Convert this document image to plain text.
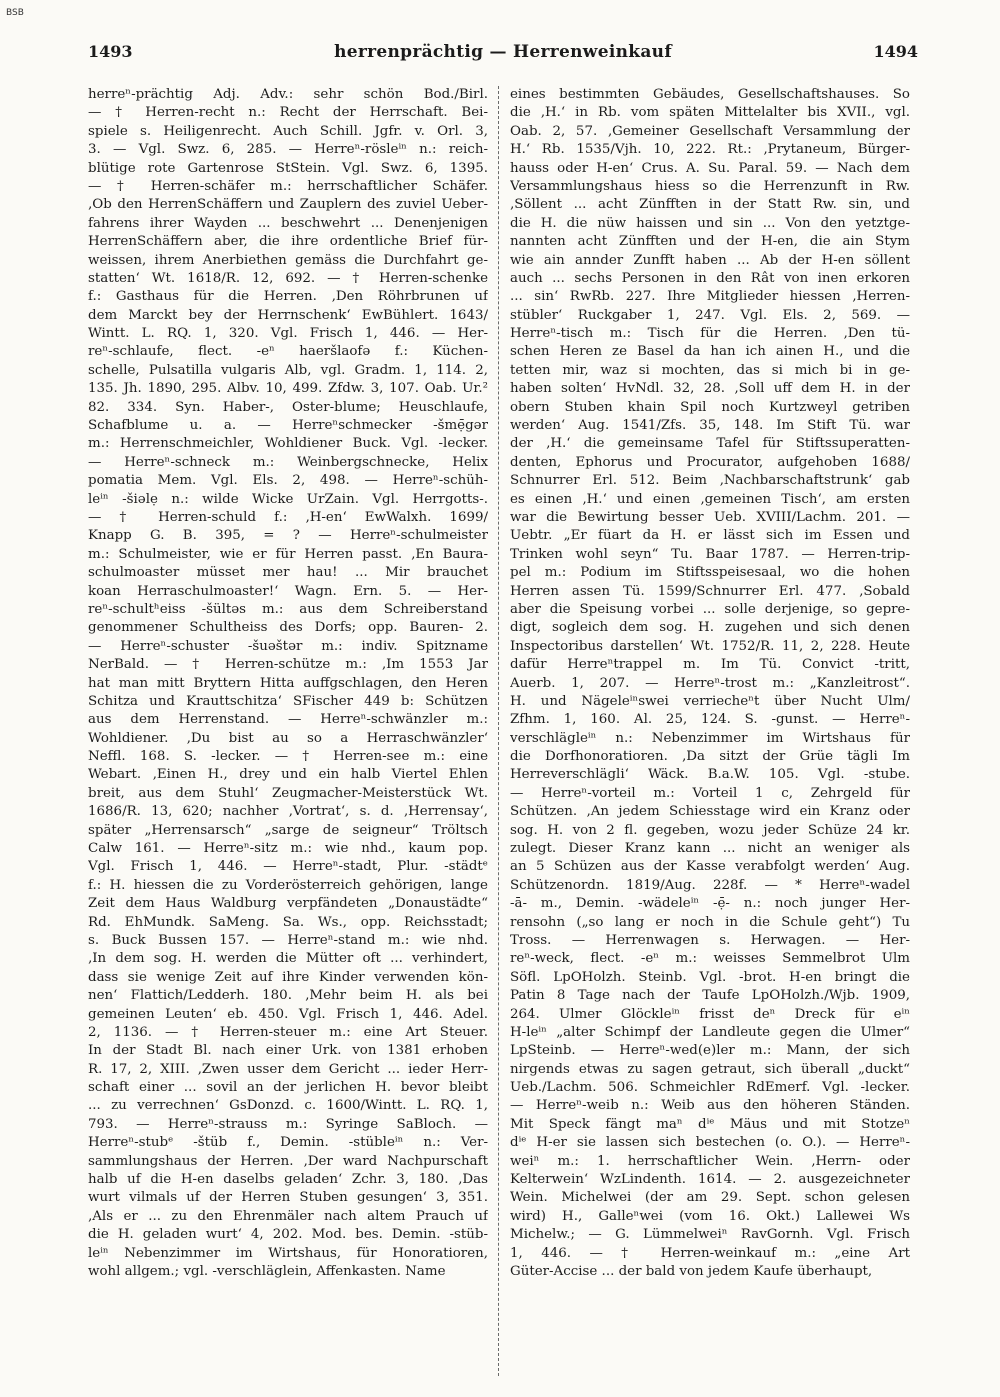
BSB
1493	herrenprächtig — Herrenweinkauf	1494
herreⁿ-prächtig Adj. Adv.: sehr schön Bod./Birl.
— † Herren-recht n.: Recht der Herrschaft. Bei-
spiele s. Heiligenrecht. Auch Schill. Jgfr. v. Orl. 3,
3. — Vgl. Swz. 6, 285. — Herreⁿ-rösleⁱⁿ n.: reich-
blütige rote Gartenrose StStein. Vgl. Swz. 6, 1395.
— † Herren-schäfer m.: herrschaftlicher Schäfer.
‚Ob den HerrenSchäffern und Zauplern des zuviel Ueber-
fahrens ihrer Wayden ... beschwehrt ... Denenjenigen
HerrenSchäffern aber, die ihre ordentliche Brief für-
weissen, ihrem Anerbiethen gemäss die Durchfahrt ge-
statten‘ Wt. 1618/R. 12, 692. — † Herren-schenke
f.: Gasthaus für die Herren. ‚Den Röhrbrunen uf
dem Marckt bey der Herrnschenk‘ EwBühlert. 1643/
Wintt. L. RQ. 1, 320. Vgl. Frisch 1, 446. — Her-
reⁿ-schlaufe, flect. -eⁿ haeršlaofə f.: Küchen-
schelle, Pulsatilla vulgaris Alb, vgl. Gradm. 1, 114. 2,
135. Jh. 1890, 295. Albv. 10, 499. Zfdw. 3, 107. Oab. Ur.²
82. 334. Syn. Haber-, Oster-blume; Heuschlaufe,
Schafblume u. a. — Herreⁿschmecker -šmẹ̄gər
m.: Herrenschmeichler, Wohldiener Buck. Vgl. -lecker.
— Herreⁿ-schneck m.: Weinbergschnecke, Helix
pomatia Mem. Vgl. Els. 2, 498. — Herreⁿ-schüh-
leⁱⁿ -šiəlẹ n.: wilde Wicke UrZain. Vgl. Herrgotts-.
— † Herren-schuld f.: ‚H-en‘ EwWalxh. 1699/
Knapp G. B. 395, = ? — Herreⁿ-schulmeister
m.: Schulmeister, wie er für Herren passt. ‚En Baura-
schulmoaster müsset mer hau! ... Mir brauchet
koan Herraschulmoaster!‘ Wagn. Ern. 5. — Her-
reⁿ-schultʰeiss -šültəs m.: aus dem Schreiberstand
genommener Schultheiss des Dorfs; opp. Bauren- 2.
— Herreⁿ-schuster -šuəštər m.: indiv. Spitzname
NerBald. — † Herren-schütze m.: ‚Im 1553 Jar
hat man mitt Bryttern Hitta auffgschlagen, den Heren
Schitza und Krauttschitza‘ SFischer 449 b: Schützen
aus dem Herrenstand. — Herreⁿ-schwänzler m.:
Wohldiener. ‚Du bist au so a Herraschwänzler‘
Neffl. 168. S. -lecker. — † Herren-see m.: eine
Webart. ‚Einen H., drey und ein halb Viertel Ehlen
breit, aus dem Stuhl‘ Zeugmacher-Meisterstück Wt.
1686/R. 13, 620; nachher ‚Vortrat‘, s. d. ‚Herrensay‘,
später „Herrensarsch“ „sarge de seigneur“ Tröltsch
Calw 161. — Herreⁿ-sitz m.: wie nhd., kaum pop.
Vgl. Frisch 1, 446. — Herreⁿ-stadt, Plur. -städtᵉ
f.: H. hiessen die zu Vorderösterreich gehörigen, lange
Zeit dem Haus Waldburg verpfändeten „Donaustädte“
Rd. EhMundk. SaMeng. Sa. Ws., opp. Reichsstadt;
s. Buck Bussen 157. — Herreⁿ-stand m.: wie nhd.
‚In dem sog. H. werden die Mütter oft ... verhindert,
dass sie wenige Zeit auf ihre Kinder verwenden kön-
nen‘ Flattich/Ledderh. 180. ‚Mehr beim H. als bei
gemeinen Leuten‘ eb. 450. Vgl. Frisch 1, 446. Adel.
2, 1136. — † Herren-steuer m.: eine Art Steuer.
In der Stadt Bl. nach einer Urk. von 1381 erhoben
R. 17, 2, XIII. ‚Zwen usser dem Gericht ... ieder Herr-
schaft einer ... sovil an der jerlichen H. bevor bleibt
... zu verrechnen‘ GsDonzd. c. 1600/Wintt. L. RQ. 1,
793. — Herreⁿ-strauss m.: Syringe SaBloch. —
Herreⁿ-stubᵉ -štüb f., Demin. -stübleⁱⁿ n.: Ver-
sammlungshaus der Herren. ‚Der ward Nachpurschaft
halb uf die H-en daselbs geladen‘ Zchr. 3, 180. ‚Das
wurt vilmals uf der Herren Stuben gesungen‘ 3, 351.
‚Als er ... zu den Ehrenmäler nach altem Prauch uf
die H. geladen wurt‘ 4, 202. Mod. bes. Demin. -stüb-
leⁱⁿ Nebenzimmer im Wirtshaus, für Honoratioren,
wohl allgem.; vgl. -verschläglein, Affenkasten. Name
eines bestimmten Gebäudes, Gesellschaftshauses. So
die ‚H.‘ in Rb. vom späten Mittelalter bis XVII., vgl.
Oab. 2, 57. ‚Gemeiner Gesellschaft Versammlung der
H.‘ Rb. 1535/Vjh. 10, 222. Rt.: ‚Prytaneum, Bürger-
hauss oder H-en‘ Crus. A. Su. Paral. 59. — Nach dem
Versammlungshaus hiess so die Herrenzunft in Rw.
‚Söllent ... acht Zünfften in der Statt Rw. sin, und
die H. die nüw haissen und sin ... Von den yetztge-
nannten acht Zünfften und der H-en, die ain Stym
wie ain annder Zunfft haben ... Ab der H-en söllent
auch ... sechs Personen in den Rât von inen erkoren
... sin‘ RwRb. 227. Ihre Mitglieder hiessen ‚Herren-
stübler‘ Ruckgaber 1, 247. Vgl. Els. 2, 569. —
Herreⁿ-tisch m.: Tisch für die Herren. ‚Den tü-
schen Heren ze Basel da han ich ainen H., und die
tetten mir, waz si mochten, das si mich bi in ge-
haben solten‘ HvNdl. 32, 28. ‚Soll uff dem H. in der
obern Stuben khain Spil noch Kurtzweyl getriben
werden‘ Aug. 1541/Zfs. 35, 148. Im Stift Tü. war
der ‚H.‘ die gemeinsame Tafel für Stiftssuperatten-
denten, Ephorus und Procurator, aufgehoben 1688/
Schnurrer Erl. 512. Beim ‚Nachbarschaftstrunk‘ gab
es einen ‚H.‘ und einen ‚gemeinen Tisch‘, am ersten
war die Bewirtung besser Ueb. XVIII/Lachm. 201. —
Uebtr. „Er füart da H. er lässt sich im Essen und
Trinken wohl seyn“ Tu. Baar 1787. — Herren-trip-
pel m.: Podium im Stiftsspeisesaal, wo die hohen
Herren assen Tü. 1599/Schnurrer Erl. 477. ‚Sobald
aber die Speisung vorbei ... solle derjenige, so gepre-
digt, sogleich dem sog. H. zugehen und sich denen
Inspectoribus darstellen‘ Wt. 1752/R. 11, 2, 228. Heute
dafür Herreⁿtrappel m. Im Tü. Convict -tritt,
Auerb. 1, 207. — Herreⁿ-trost m.: „Kanzleitrost“.
H. und Nägeleⁱⁿswei verriecheⁿt über Nucht Ulm/
Zfhm. 1, 160. Al. 25, 124. S. -gunst. — Herreⁿ-
verschlägleⁱⁿ n.: Nebenzimmer im Wirtshaus für
die Dorfhonoratioren. ‚Da sitzt der Grüe tägli Im
Herreverschlägli‘ Wäck. B.a.W. 105. Vgl. -stube.
— Herreⁿ-vorteil m.: Vorteil 1 c, Zehrgeld für
Schützen. ‚An jedem Schiesstage wird ein Kranz oder
sog. H. von 2 fl. gegeben, wozu jeder Schüze 24 kr.
zulegt. Dieser Kranz kann ... nicht an weniger als
an 5 Schüzen aus der Kasse verabfolgt werden‘ Aug.
Schützenordn. 1819/Aug. 228f. — * Herreⁿ-wadel
-ā- m., Demin. -wädeleⁱⁿ -ẹ̄- n.: noch junger Her-
rensohn („so lang er noch in die Schule geht“) Tu
Tross. — Herrenwagen s. Herwagen. — Her-
reⁿ-weck, flect. -eⁿ m.: weisses Semmelbrot Ulm
Söfl. LpOHolzh. Steinb. Vgl. -brot. H-en bringt die
Patin 8 Tage nach der Taufe LpOHolzh./Wjb. 1909,
264. Ulmer Glöckleⁱⁿ frisst deⁿ Dreck für eⁱⁿ
H-leⁱⁿ „alter Schimpf der Landleute gegen die Ulmer“
LpSteinb. — Herreⁿ-wed(e)ler m.: Mann, der sich
nirgends etwas zu sagen getraut, sich überall „duckt“
Ueb./Lachm. 506. Schmeichler RdEmerf. Vgl. -lecker.
— Herreⁿ-weib n.: Weib aus den höheren Ständen.
Mit Speck fängt maⁿ dⁱᵉ Mäus und mit Stotzeⁿ
dⁱᵉ H-er sie lassen sich bestechen (o. O.). — Herreⁿ-
weiⁿ m.: 1. herrschaftlicher Wein. ‚Herrn- oder
Kelterwein‘ WzLindenth. 1614. — 2. ausgezeichneter
Wein. Michelwei (der am 29. Sept. schon gelesen
wird) H., Galleⁿwei (vom 16. Okt.) Lallewei Ws
Michelw.; — G. Lümmelweiⁿ RavGornh. Vgl. Frisch
1, 446. — † Herren-weinkauf m.: „eine Art
Güter-Accise ... der bald von jedem Kaufe überhaupt,
